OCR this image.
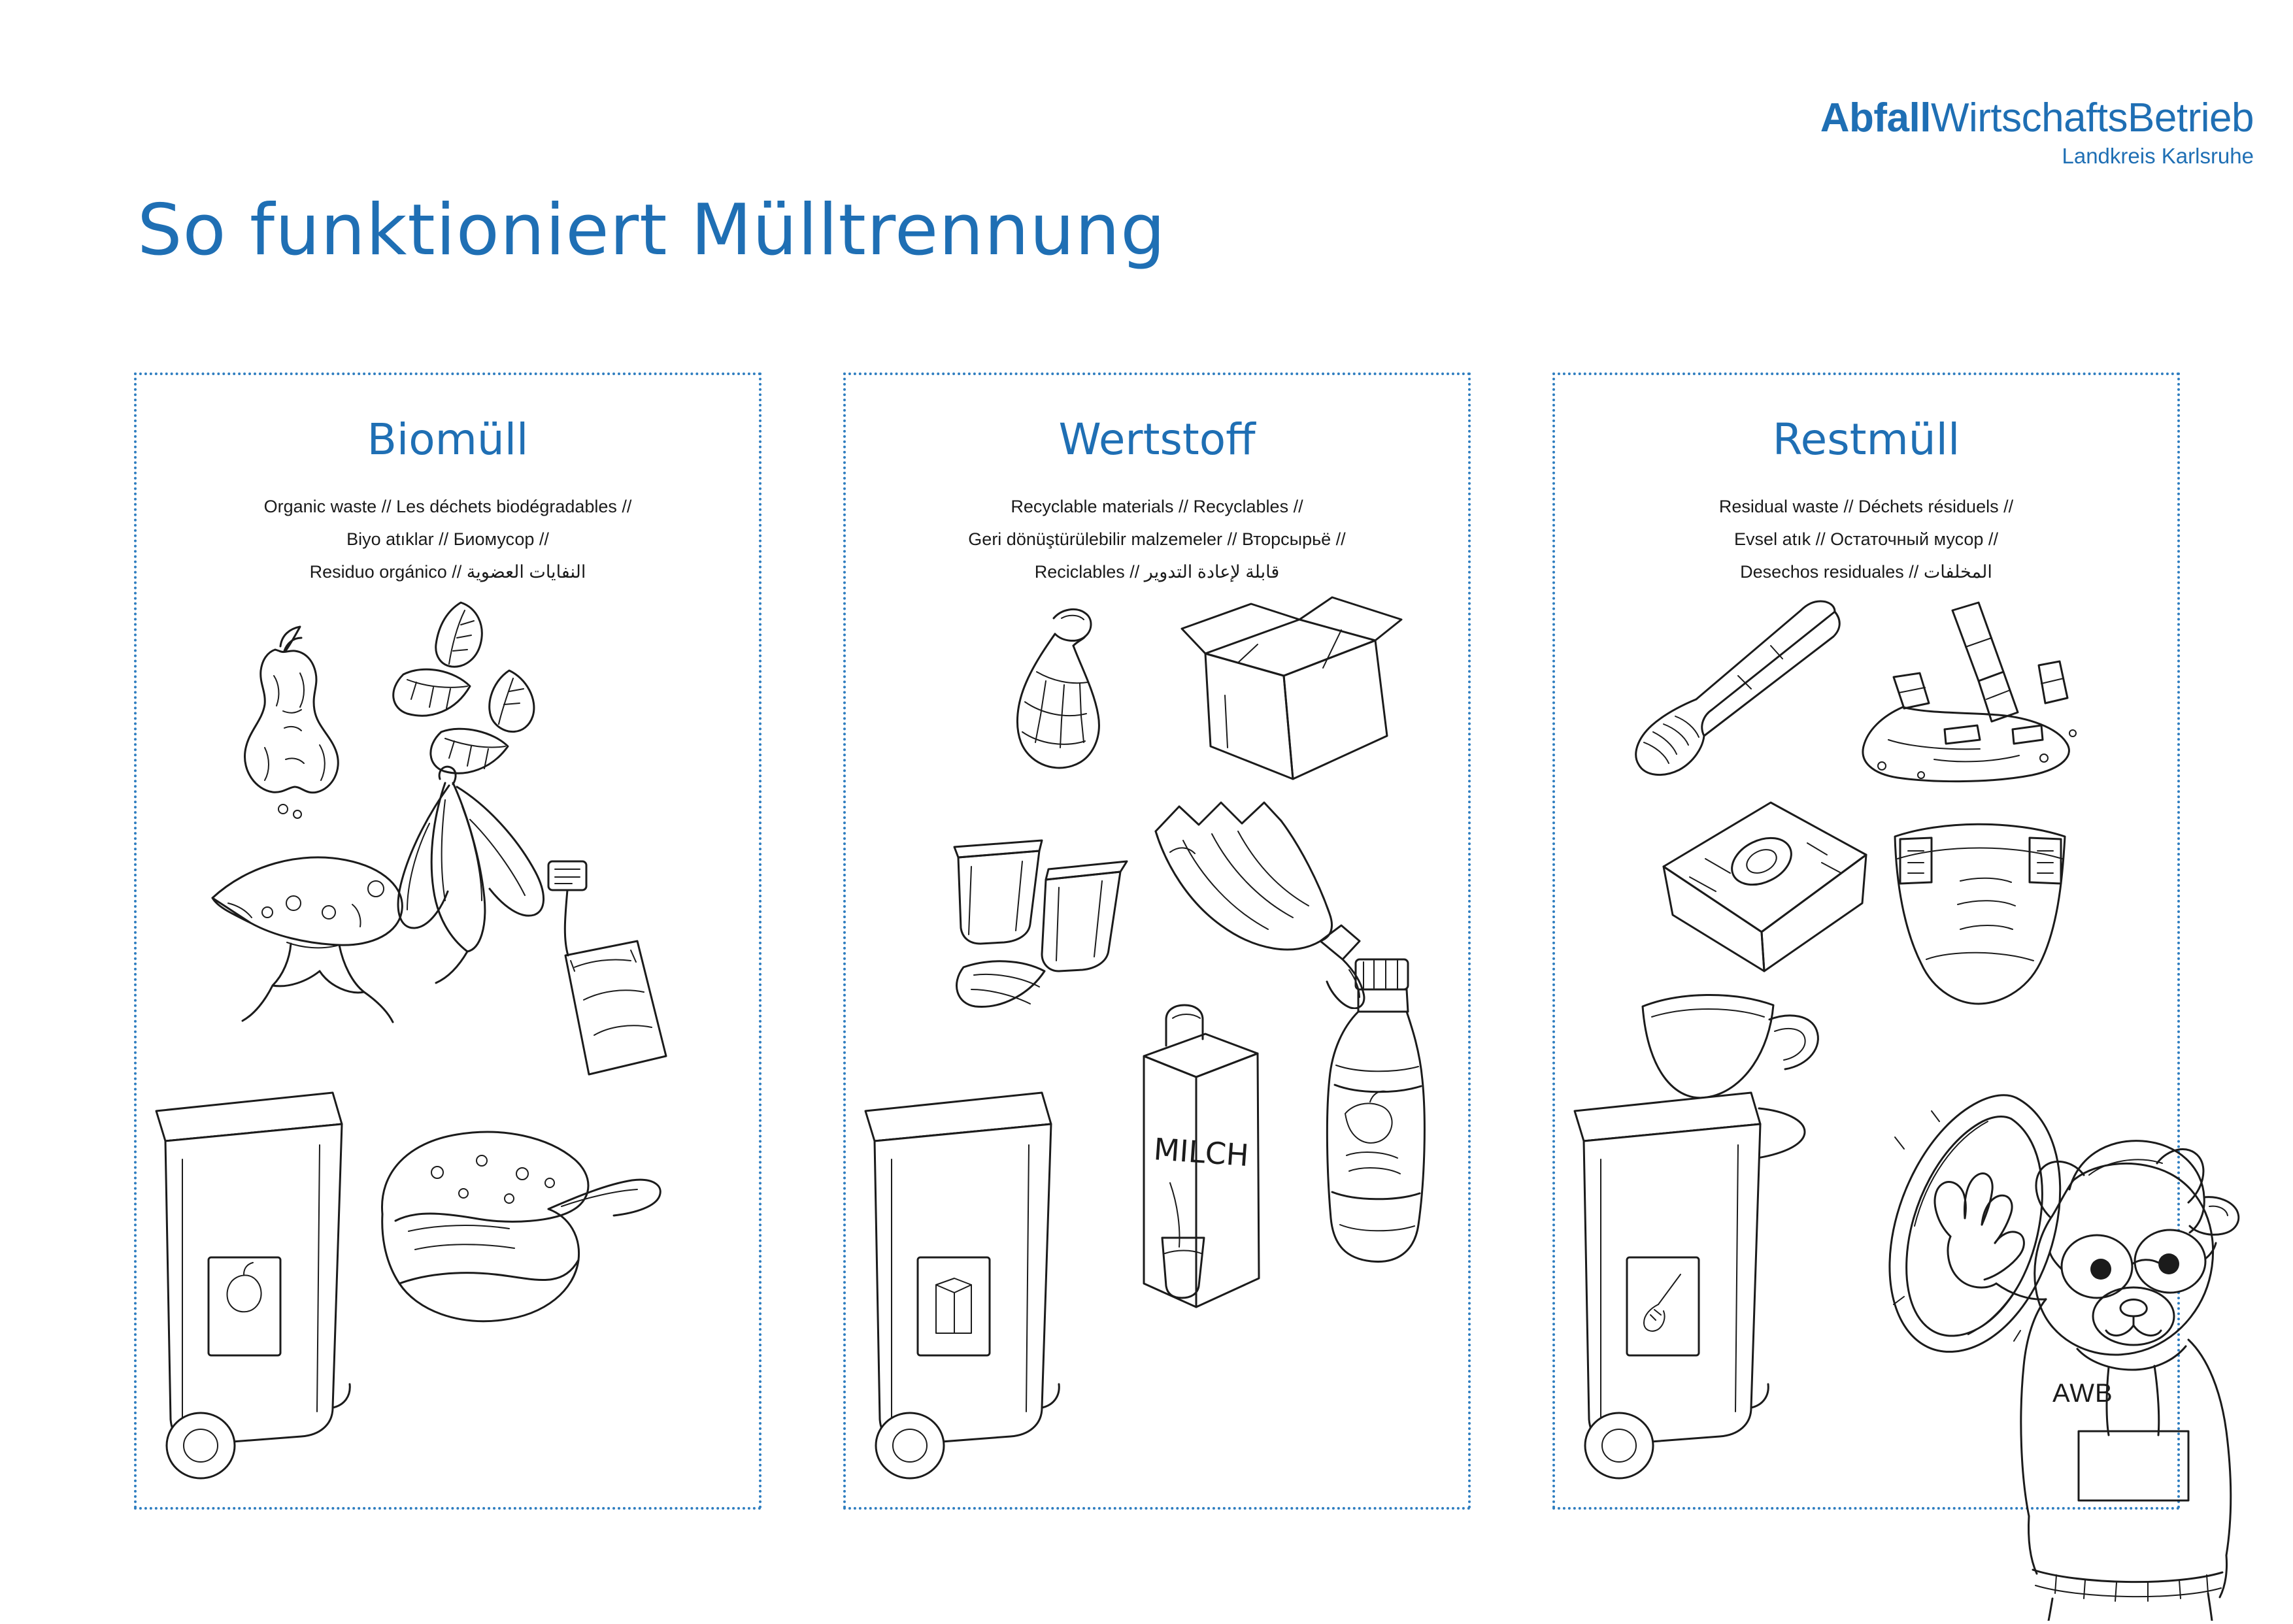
AbfallWirtschaftsBetrieb
Landkreis Karlsruhe
So funktioniert Mülltrennung
Biomüll
Organic waste // Les déchets biodégradables //
Biyo atıklar // Биомусор //
Residuo orgánico // النفايات العضوية
Wertstoff
Recyclable materials // Recyclables //
Geri dönüştürülebilir malzemeler // Вторсырьё //
Reciclables // قابلة لإعادة التدوير
MILCH
Restmüll
Residual waste // Déchets résiduels //
Evsel atık // Остаточный мусор //
Desechos residuales // المخلفات
AWB
